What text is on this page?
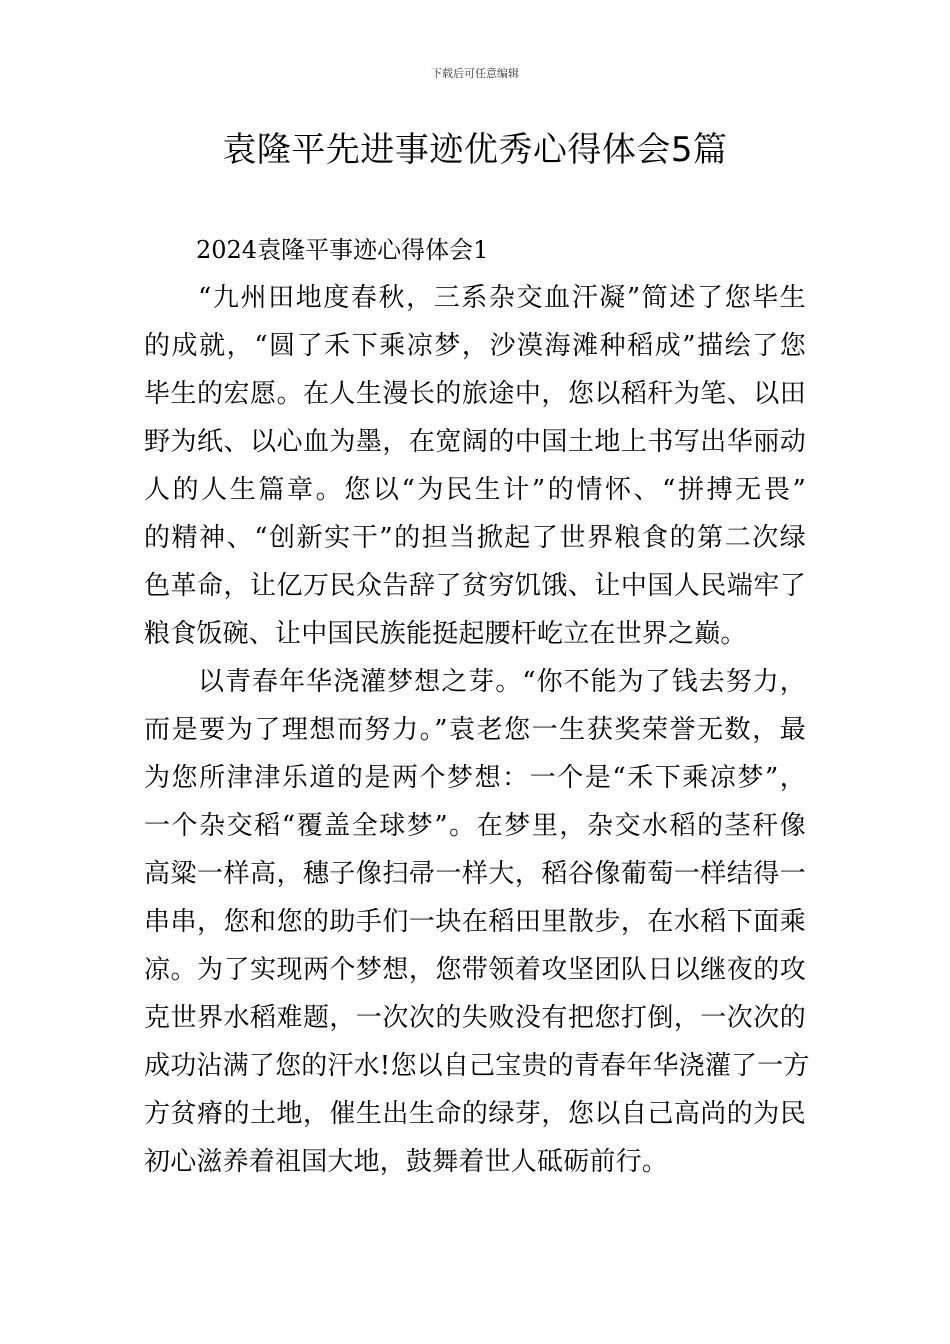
下载后可任意编辑
袁隆平先进事迹优秀心得体会5篇

2024袁隆平事迹心得体会1

“九州田地度春秋，三系杂交血汗凝”简述了您毕生
的成就，“圆了禾下乘凉梦，沙漠海滩种稻成”描绘了您
毕生的宏愿。在人生漫长的旅途中，您以稻秆为笔、以田
野为纸、以心血为墨，在宽阔的中国土地上书写出华丽动
人的人生篇章。您以“为民生计”的情怀、“拼搏无畏”
的精神、“创新实干”的担当掀起了世界粮食的第二次绿
色革命，让亿万民众告辞了贫穷饥饿、让中国人民端牢了
粮食饭碗、让中国民族能挺起腰杆屹立在世界之巅。

以青春年华浇灌梦想之芽。“你不能为了钱去努力，
而是要为了理想而努力。”袁老您一生获奖荣誉无数，最
为您所津津乐道的是两个梦想：一个是“禾下乘凉梦”，
一个杂交稻“覆盖全球梦”。在梦里，杂交水稻的茎秆像
高粱一样高，穗子像扫帚一样大，稻谷像葡萄一样结得一
串串，您和您的助手们一块在稻田里散步，在水稻下面乘
凉。为了实现两个梦想，您带领着攻坚团队日以继夜的攻
克世界水稻难题，一次次的失败没有把您打倒，一次次的
成功沾满了您的汗水!您以自己宝贵的青春年华浇灌了一方
方贫瘠的土地，催生出生命的绿芽，您以自己高尚的为民
初心滋养着祖国大地，鼓舞着世人砥砺前行。
